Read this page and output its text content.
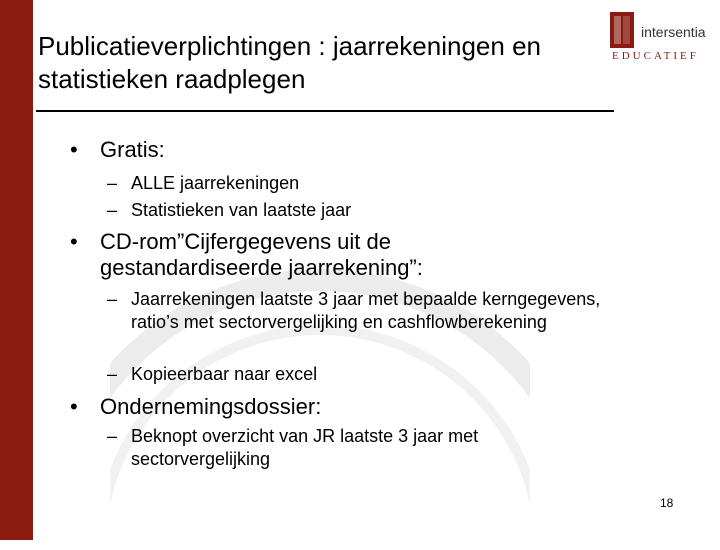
Publicatieverplichtingen : jaarrekeningen en statistieken raadplegen
intersentia
EDUCATIEF
• Gratis:
– ALLE jaarrekeningen
– Statistieken van laatste jaar
• CD-rom”Cijfergegevens uit de gestandardiseerde jaarrekening”:
– Jaarrekeningen laatste 3 jaar met bepaalde kerngegevens, ratio’s met sectorvergelijking en cashflowberekening
– Kopieerbaar naar excel
• Ondernemingsdossier:
– Beknopt overzicht van JR laatste 3 jaar met sectorvergelijking
18
